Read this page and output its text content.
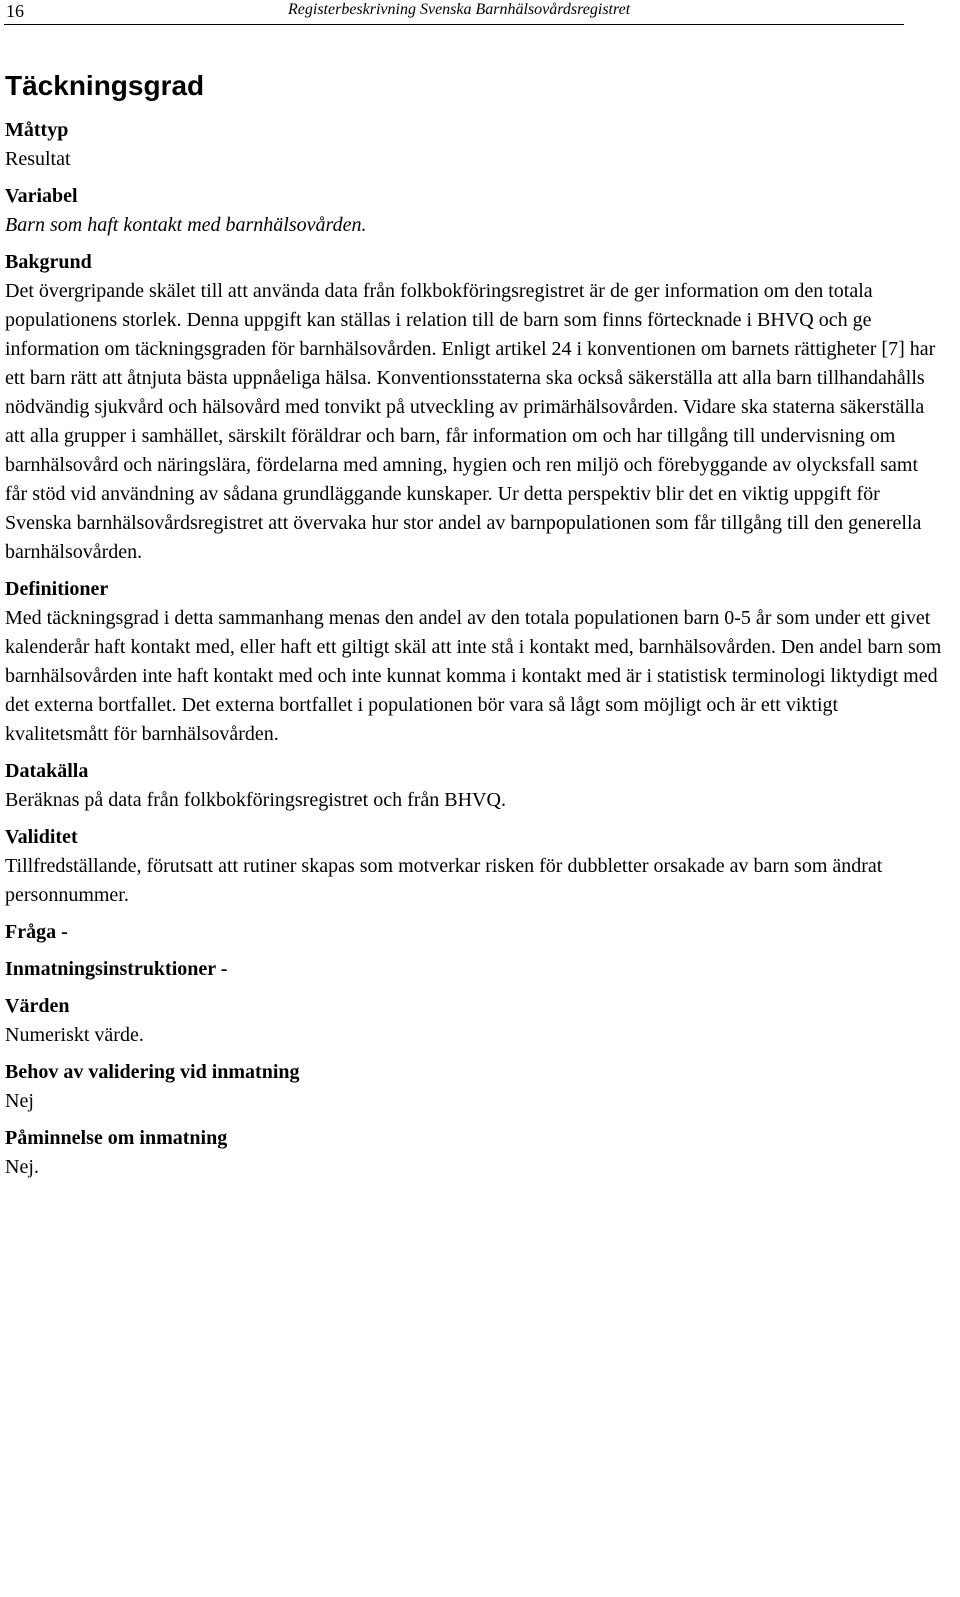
16	Registerbeskrivning Svenska Barnhälsovårdsregistret
Täckningsgrad
Måttyp
Resultat
Variabel
Barn som haft kontakt med barnhälsovården.
Bakgrund
Det övergripande skälet till att använda data från folkbokföringsregistret är de ger information om den totala populationens storlek. Denna uppgift kan ställas i relation till de barn som finns förtecknade i BHVQ och ge information om täckningsgraden för barnhälsovården. Enligt artikel 24 i konventionen om barnets rättigheter [7] har ett barn rätt att åtnjuta bästa uppnåeliga hälsa. Konventionsstaterna ska också säkerställa att alla barn tillhandahålls nödvändig sjukvård och hälsovård med tonvikt på utveckling av primärhälsovården. Vidare ska staterna säkerställa att alla grupper i samhället, särskilt föräldrar och barn, får information om och har tillgång till undervisning om barnhälsovård och näringslära, fördelarna med amning, hygien och ren miljö och förebyggande av olycksfall samt får stöd vid användning av sådana grundläggande kunskaper. Ur detta perspektiv blir det en viktig uppgift för Svenska barnhälsovårdsregistret att övervaka hur stor andel av barnpopulationen som får tillgång till den generella barnhälsovården.
Definitioner
Med täckningsgrad i detta sammanhang menas den andel av den totala populationen barn 0-5 år som under ett givet kalenderår haft kontakt med, eller haft ett giltigt skäl att inte stå i kontakt med, barnhälsovården. Den andel barn som barnhälsovården inte haft kontakt med och inte kunnat komma i kontakt med är i statistisk terminologi liktydigt med det externa bortfallet. Det externa bortfallet i populationen bör vara så lågt som möjligt och är ett viktigt kvalitetsmått för barnhälsovården.
Datakälla
Beräknas på data från folkbokföringsregistret och från BHVQ.
Validitet
Tillfredställande, förutsatt att rutiner skapas som motverkar risken för dubbletter orsakade av barn som ändrat personnummer.
Fråga -
Inmatningsinstruktioner -
Värden
Numeriskt värde.
Behov av validering vid inmatning
Nej
Påminnelse om inmatning
Nej.
